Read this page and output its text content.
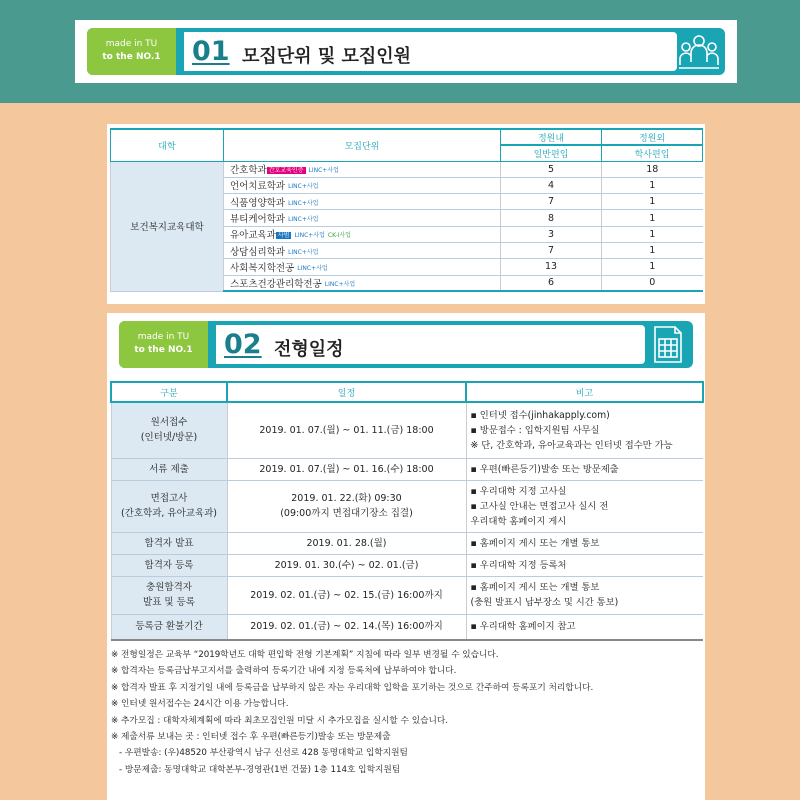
made in TU
to the NO.1	01 모집단위 및 모집인원
대학	모집단위	정원내	정원외
		일반편입	학사편입
보건복지교육대학	간호학과 간호교육인증 LINC+사업	5	18
	언어치료학과 LINC+사업	4	1
	식품영양학과 LINC+사업	7	1
	뷰티케어학과 LINC+사업	8	1
	유아교육과 사범 LINC+사업 CK-I사업	3	1
	상담심리학과 LINC+사업	7	1
	사회복지학전공 LINC+사업	13	1
	스포츠건강관리학전공 LINC+사업	6	0
made in TU
to the NO.1	02 전형일정
구분	일정	비고

원서접수
(인터넷/방문)	2019. 01. 07.(월) ~ 01. 11.(금) 18:00	▪ 인터넷 접수(jinhakapply.com)
▪ 방문접수 : 입학지원팀 사무실
※ 단, 간호학과, 유아교육과는 인터넷 접수만 가능

서류 제출	2019. 01. 07.(월) ~ 01. 16.(수) 18:00	▪ 우편(빠른등기)발송 또는 방문제출

면접고사
(간호학과, 유아교육과)	2019. 01. 22.(화) 09:30
(09:00까지 면접대기장소 집결)	▪ 우리대학 지정 고사실
▪ 고사실 안내는 면접고사 실시 전
우리대학 홈페이지 게시

합격자 발표	2019. 01. 28.(월)	▪ 홈페이지 게시 또는 개별 통보

합격자 등록	2019. 01. 30.(수) ~ 02. 01.(금)	▪ 우리대학 지정 등록처

충원합격자
발표 및 등록	2019. 02. 01.(금) ~ 02. 15.(금) 16:00까지	▪ 홈페이지 게시 또는 개별 통보
(충원 발표시 납부장소 및 시간 통보)

등록금 환불기간	2019. 02. 01.(금) ~ 02. 14.(목) 16:00까지	▪ 우리대학 홈페이지 참고
※ 전형일정은 교육부 “2019학년도 대학 편입학 전형 기본계획” 지침에 따라 일부 변경될 수 있습니다.
※ 합격자는 등록금납부고지서를 출력하여 등록기간 내에 지정 등록처에 납부하여야 합니다.
※ 합격자 발표 후 지정기일 내에 등록금을 납부하지 않은 자는 우리대학 입학을 포기하는 것으로 간주하여 등록포기 처리합니다.
※ 인터넷 원서접수는 24시간 이용 가능합니다.
※ 추가모집 : 대학자체계획에 따라 최초모집인원 미달 시 추가모집을 실시할 수 있습니다.
※ 제출서류 보내는 곳 : 인터넷 접수 후 우편(빠른등기)발송 또는 방문제출
- 우편발송: (우)48520 부산광역시 남구 신선로 428 동명대학교 입학지원팀
- 방문제출: 동명대학교 대학본부-경영관(1번 건물) 1층 114호 입학지원팀
